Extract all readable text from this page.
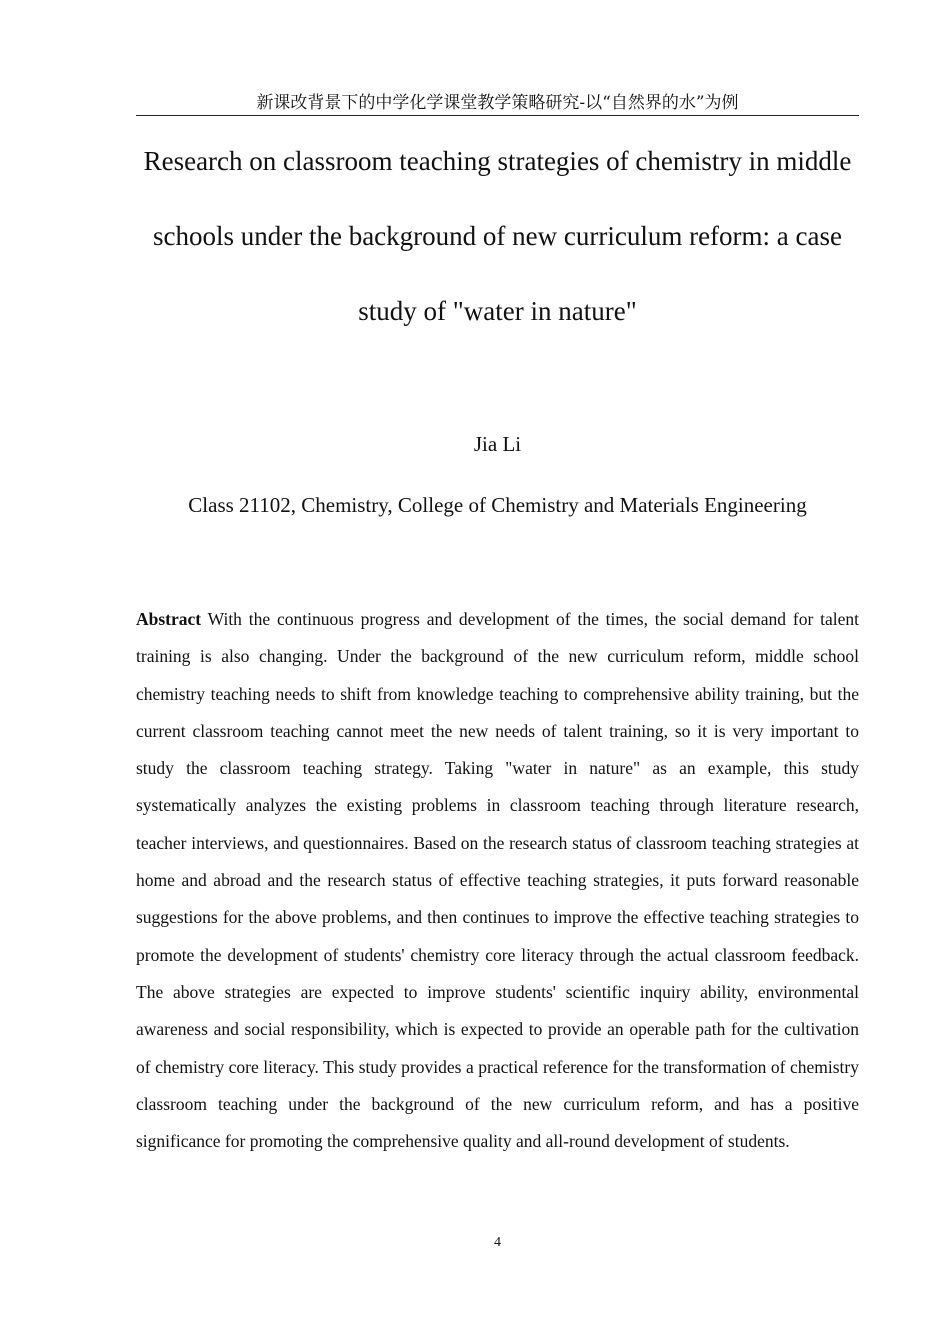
新课改背景下的中学化学课堂教学策略研究-以“自然界的水”为例
Research on classroom teaching strategies of chemistry in middle schools under the background of new curriculum reform: a case study of "water in nature"
Jia Li
Class 21102, Chemistry, College of Chemistry and Materials Engineering

Abstract With the continuous progress and development of the times, the social demand for talent training is also changing. Under the background of the new curriculum reform, middle school chemistry teaching needs to shift from knowledge teaching to comprehensive ability training, but the current classroom teaching cannot meet the new needs of talent training, so it is very important to study the classroom teaching strategy. Taking "water in nature" as an example, this study systematically analyzes the existing problems in classroom teaching through literature research, teacher interviews, and questionnaires. Based on the research status of classroom teaching strategies at home and abroad and the research status of effective teaching strategies, it puts forward reasonable suggestions for the above problems, and then continues to improve the effective teaching strategies to promote the development of students' chemistry core literacy through the actual classroom feedback. The above strategies are expected to improve students' scientific inquiry ability, environmental awareness and social responsibility, which is expected to provide an operable path for the cultivation of chemistry core literacy. This study provides a practical reference for the transformation of chemistry classroom teaching under the background of the new curriculum reform, and has a positive significance for promoting the comprehensive quality and all-round development of students.

4
